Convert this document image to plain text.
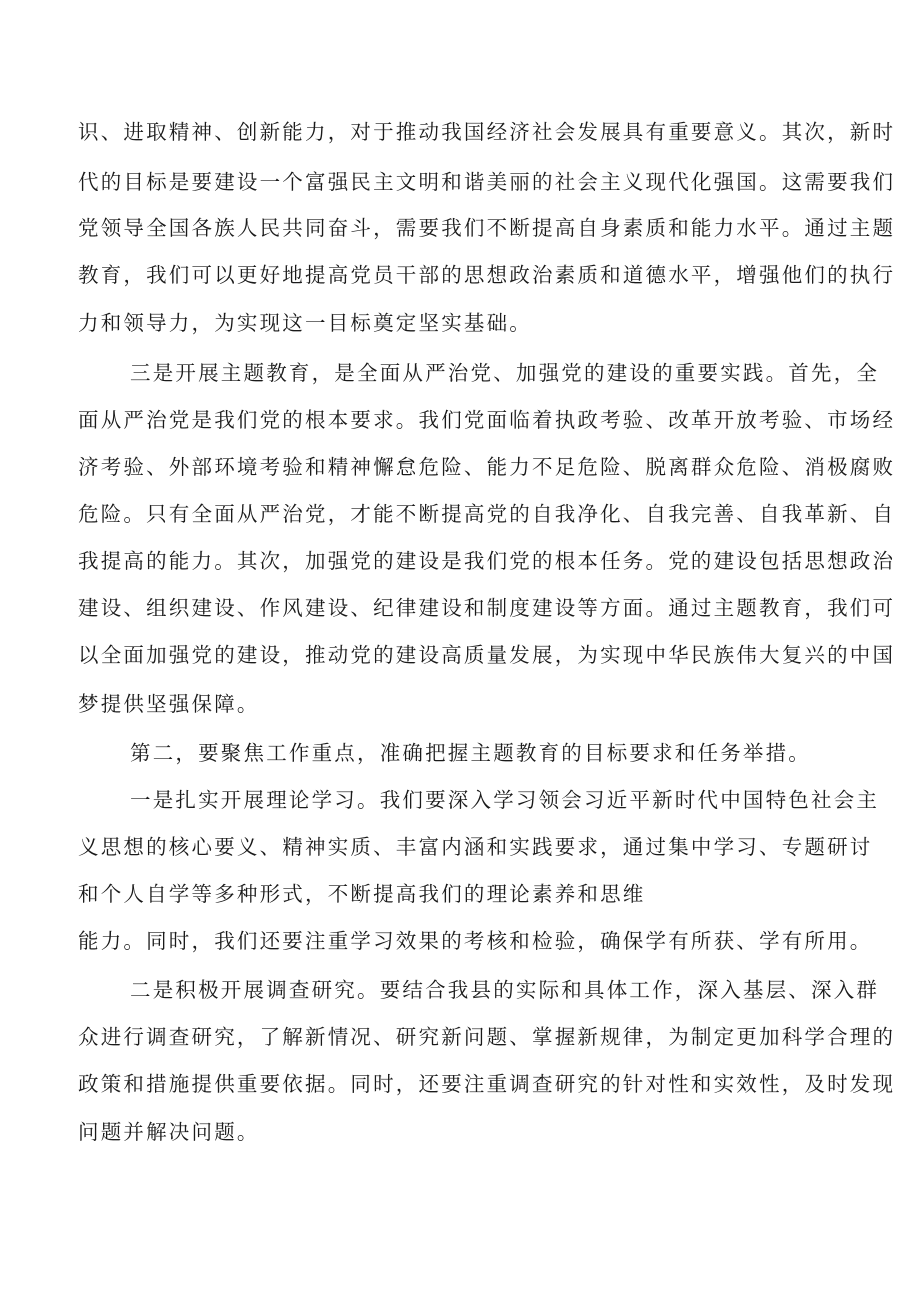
识、进取精神、创新能力，对于推动我国经济社会发展具有重要意义。其次，新时
代的目标是要建设一个富强民主文明和谐美丽的社会主义现代化强国。这需要我们
党领导全国各族人民共同奋斗，需要我们不断提高自身素质和能力水平。通过主题
教育，我们可以更好地提高党员干部的思想政治素质和道德水平，增强他们的执行
力和领导力，为实现这一目标奠定坚实基础。
三是开展主题教育，是全面从严治党、加强党的建设的重要实践。首先，全
面从严治党是我们党的根本要求。我们党面临着执政考验、改革开放考验、市场经
济考验、外部环境考验和精神懈怠危险、能力不足危险、脱离群众危险、消极腐败
危险。只有全面从严治党，才能不断提高党的自我净化、自我完善、自我革新、自
我提高的能力。其次，加强党的建设是我们党的根本任务。党的建设包括思想政治
建设、组织建设、作风建设、纪律建设和制度建设等方面。通过主题教育，我们可
以全面加强党的建设，推动党的建设高质量发展，为实现中华民族伟大复兴的中国
梦提供坚强保障。
第二，要聚焦工作重点，准确把握主题教育的目标要求和任务举措。
一是扎实开展理论学习。我们要深入学习领会习近平新时代中国特色社会主
义思想的核心要义、精神实质、丰富内涵和实践要求，通过集中学习、专题研讨
和个人自学等多种形式，不断提高我们的理论素养和思维
能力。同时，我们还要注重学习效果的考核和检验，确保学有所获、学有所用。
二是积极开展调查研究。要结合我县的实际和具体工作，深入基层、深入群
众进行调查研究，了解新情况、研究新问题、掌握新规律，为制定更加科学合理的
政策和措施提供重要依据。同时，还要注重调查研究的针对性和实效性，及时发现
问题并解决问题。
